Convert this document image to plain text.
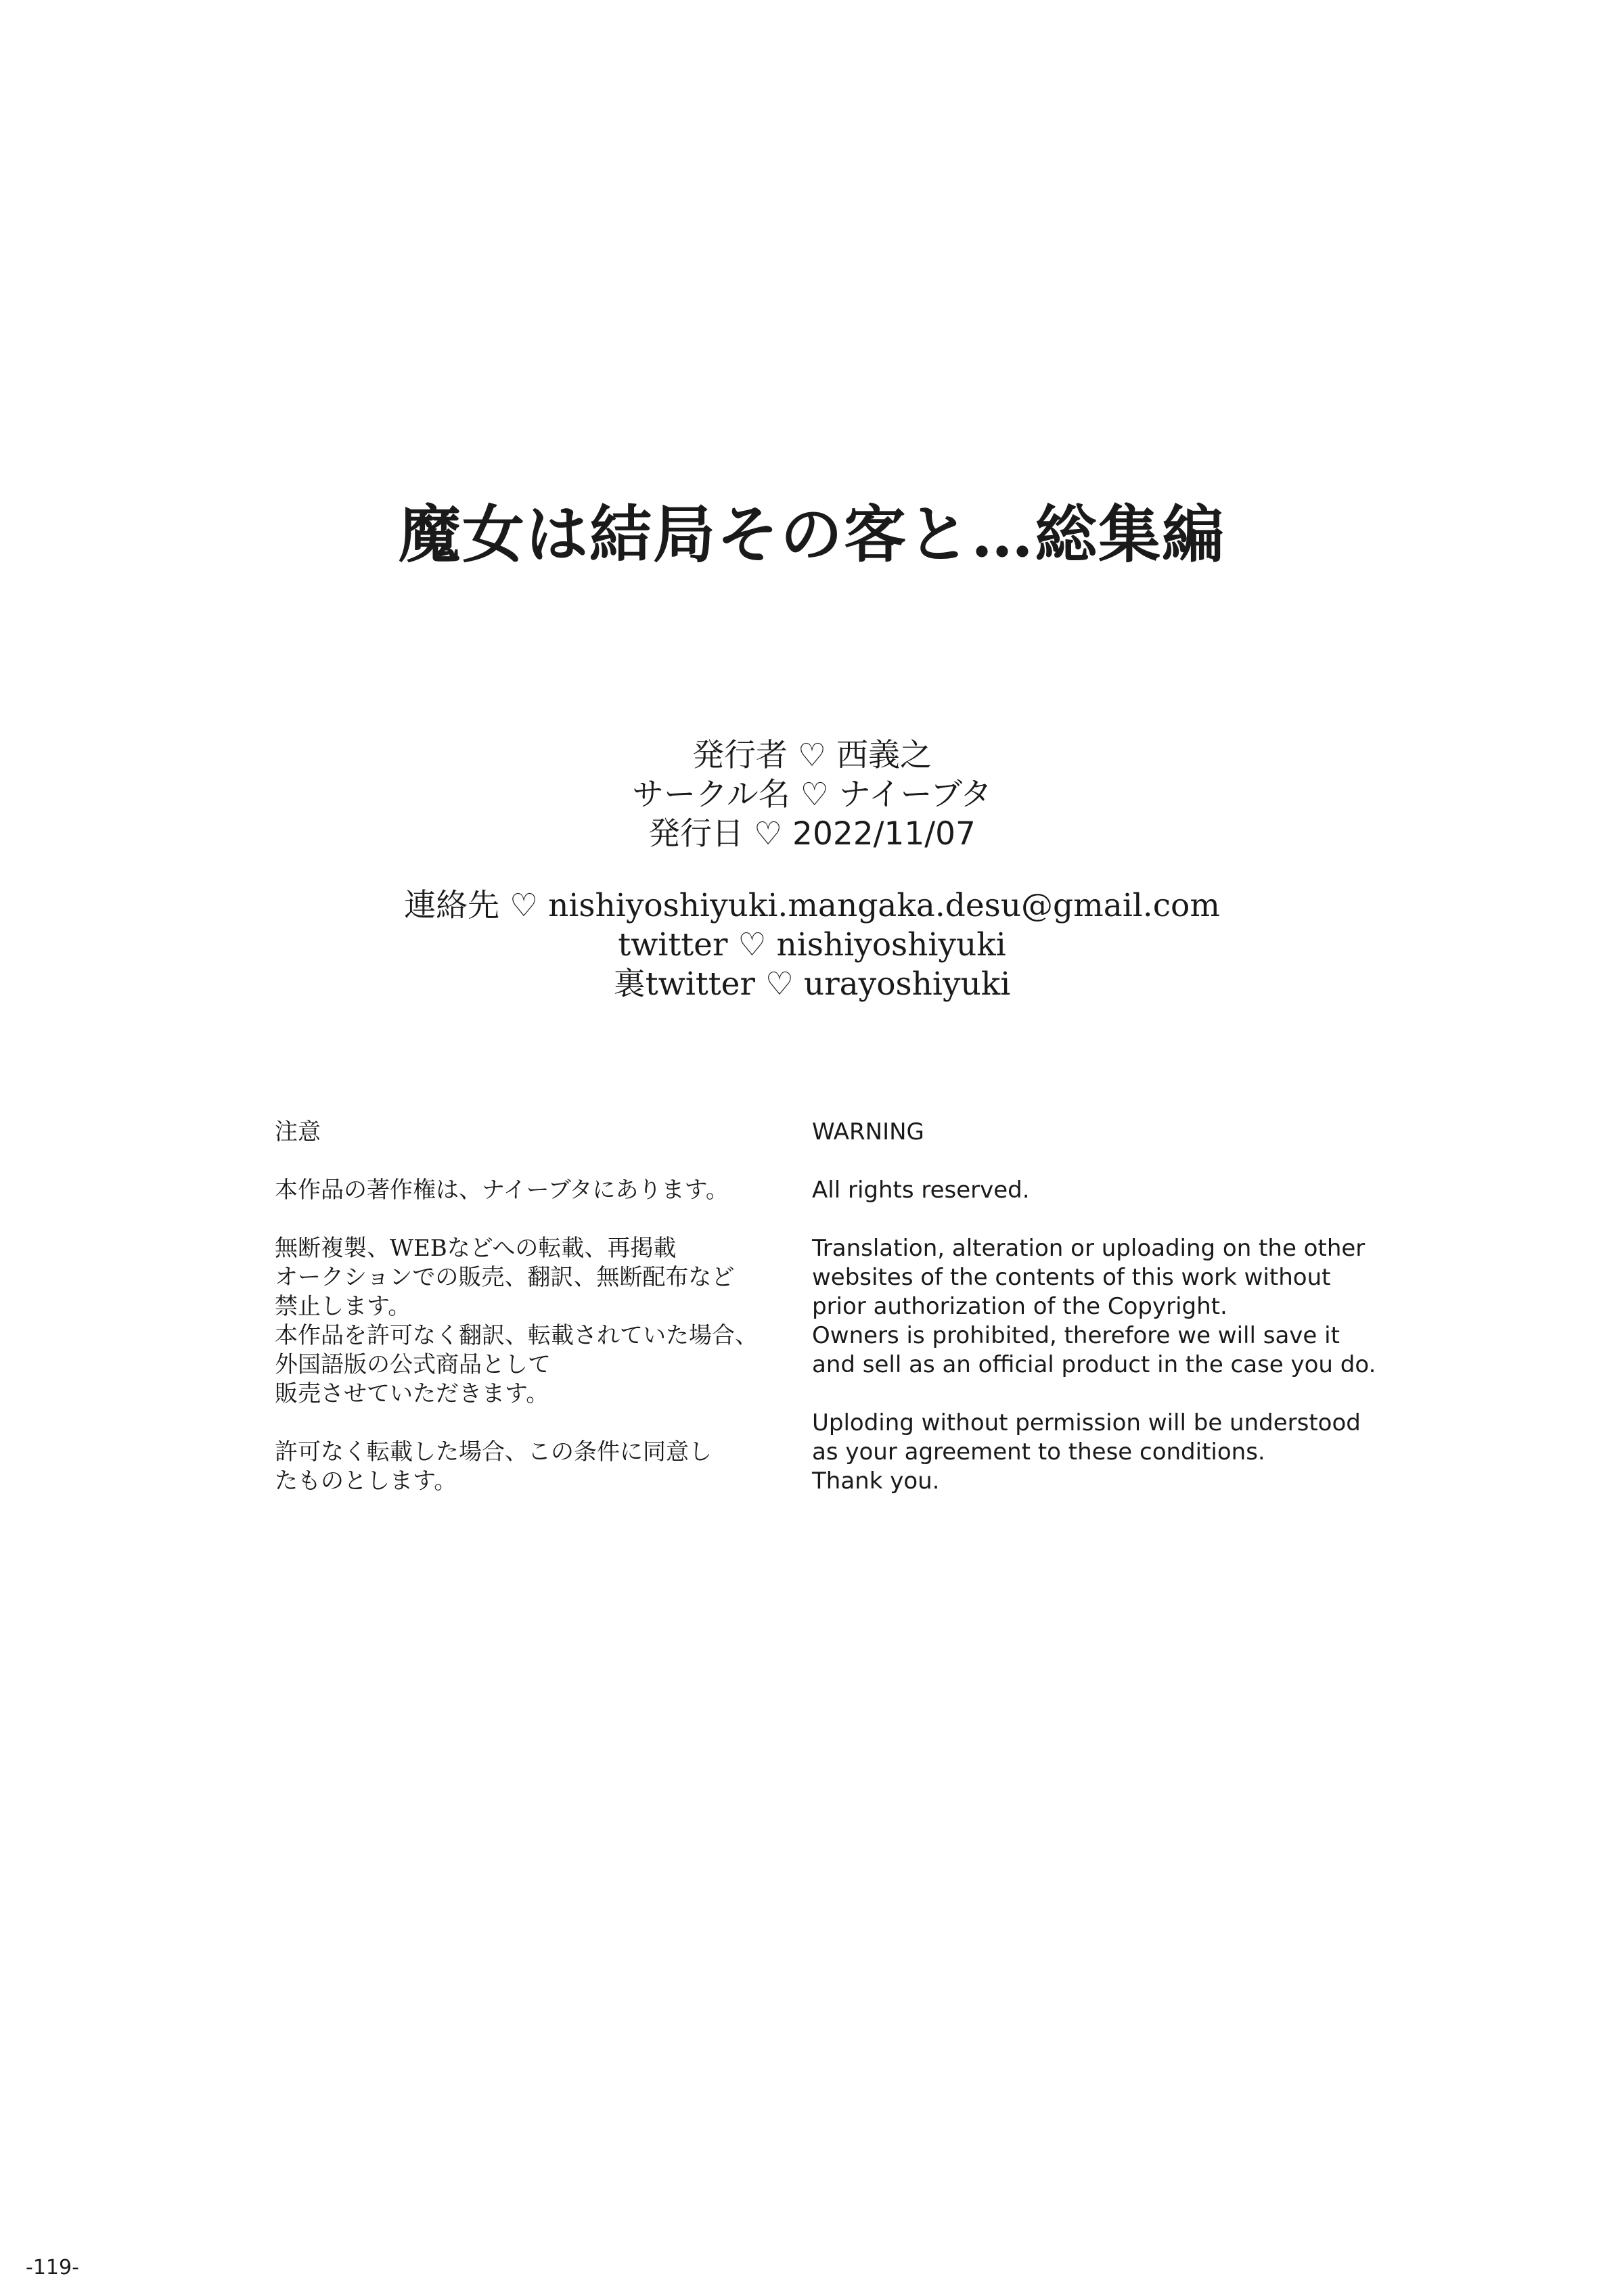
魔女は結局その客と…総集編
発行者 ♡ 西義之
サークル名 ♡ ナイーブタ
発行日 ♡ 2022/11/07
連絡先 ♡ nishiyoshiyuki.mangaka.desu@gmail.com
twitter ♡ nishiyoshiyuki
裏twitter ♡ urayoshiyuki
注意
本作品の著作権は、ナイーブタにあります。
無断複製、WEBなどへの転載、再掲載
オークションでの販売、翻訳、無断配布など
禁止します。
本作品を許可なく翻訳、転載されていた場合、
外国語版の公式商品として
販売させていただきます。
許可なく転載した場合、この条件に同意し
たものとします。
WARNING
All rights reserved.
Translation, alteration or uploading on the other
websites of the contents of this work without
prior authorization of the Copyright.
Owners is prohibited, therefore we will save it
and sell as an official product in the case you do.
Uploding without permission will be understood
as your agreement to these conditions.
Thank you.
-119-
